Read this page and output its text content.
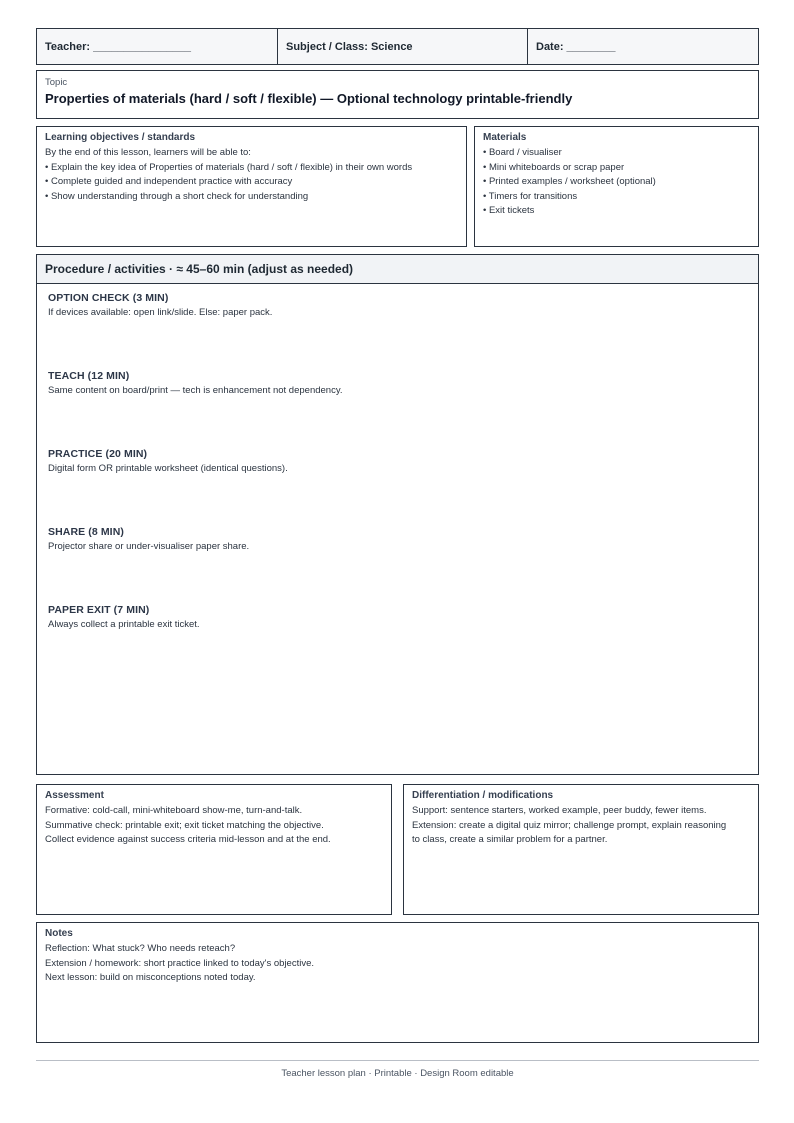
Teacher: ________________	Subject / Class: Science	Date: ________
Topic
Properties of materials (hard / soft / flexible) — Optional technology printable-friendly
Learning objectives / standards
By the end of this lesson, learners will be able to:
• Explain the key idea of Properties of materials (hard / soft / flexible) in their own words
• Complete guided and independent practice with accuracy
• Show understanding through a short check for understanding
Materials
• Board / visualiser
• Mini whiteboards or scrap paper
• Printed examples / worksheet (optional)
• Timers for transitions
• Exit tickets
Procedure / activities · ≈ 45–60 min (adjust as needed)
OPTION CHECK (3 MIN)
If devices available: open link/slide. Else: paper pack.
TEACH (12 MIN)
Same content on board/print — tech is enhancement not dependency.
PRACTICE (20 MIN)
Digital form OR printable worksheet (identical questions).
SHARE (8 MIN)
Projector share or under-visualiser paper share.
PAPER EXIT (7 MIN)
Always collect a printable exit ticket.
Assessment
Formative: cold-call, mini-whiteboard show-me, turn-and-talk.
Summative check: printable exit; exit ticket matching the objective.
Collect evidence against success criteria mid-lesson and at the end.
Differentiation / modifications
Support: sentence starters, worked example, peer buddy, fewer items.
Extension: create a digital quiz mirror; challenge prompt, explain reasoning
to class, create a similar problem for a partner.
Notes
Reflection: What stuck? Who needs reteach?
Extension / homework: short practice linked to today's objective.
Next lesson: build on misconceptions noted today.
Teacher lesson plan · Printable · Design Room editable
